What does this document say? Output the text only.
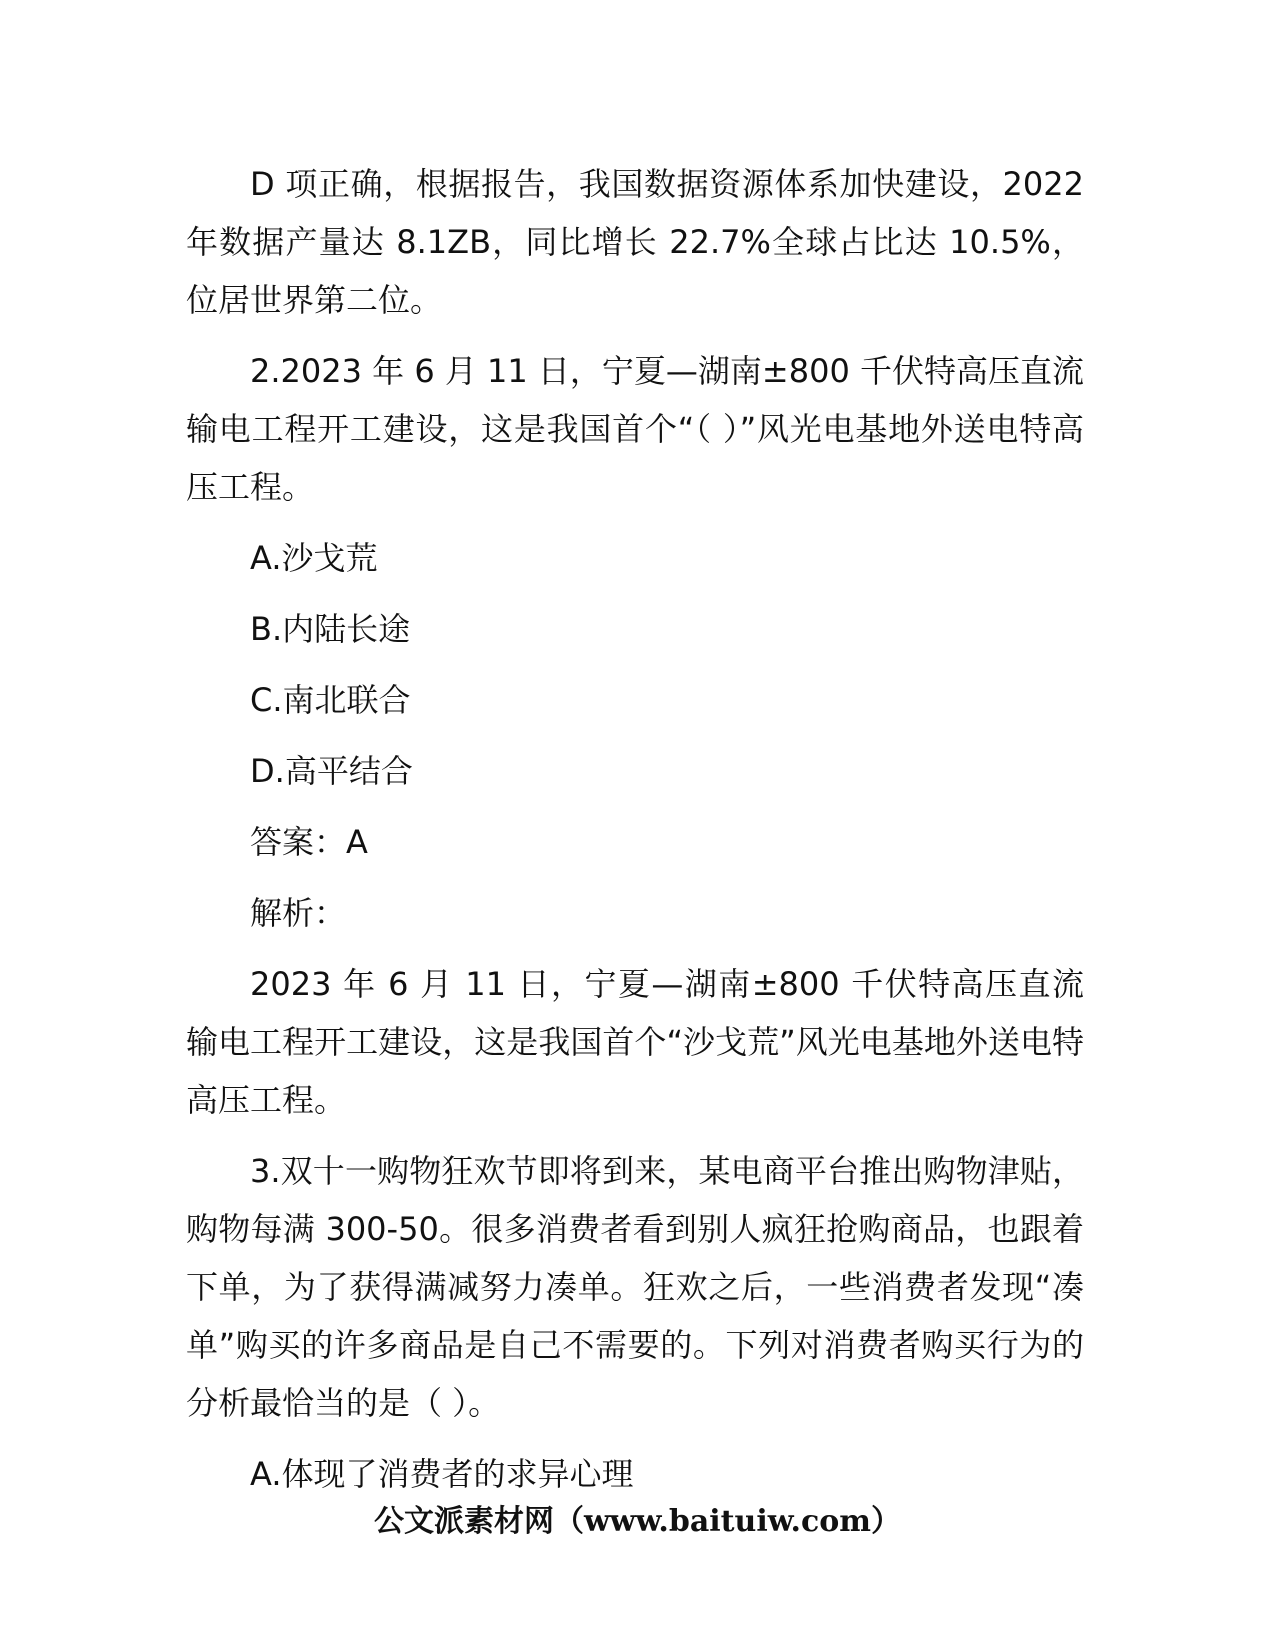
D 项正确，根据报告，我国数据资源体系加快建设，2022 年数据产量达 8.1ZB，同比增长 22.7%全球占比达 10.5%，位居世界第二位。

2.2023 年 6 月 11 日，宁夏—湖南±800 千伏特高压直流输电工程开工建设，这是我国首个“（ ）”风光电基地外送电特高压工程。

A.沙戈荒

B.内陆长途

C.南北联合

D.高平结合

答案：A

解析：

2023 年 6 月 11 日，宁夏—湖南±800 千伏特高压直流输电工程开工建设，这是我国首个“沙戈荒”风光电基地外送电特高压工程。

3.双十一购物狂欢节即将到来，某电商平台推出购物津贴，购物每满 300-50。很多消费者看到别人疯狂抢购商品，也跟着下单，为了获得满减努力凑单。狂欢之后，一些消费者发现“凑单”购买的许多商品是自己不需要的。下列对消费者购买行为的分析最恰当的是（ ）。

A.体现了消费者的求异心理

公文派素材网（www.baituiw.com）
